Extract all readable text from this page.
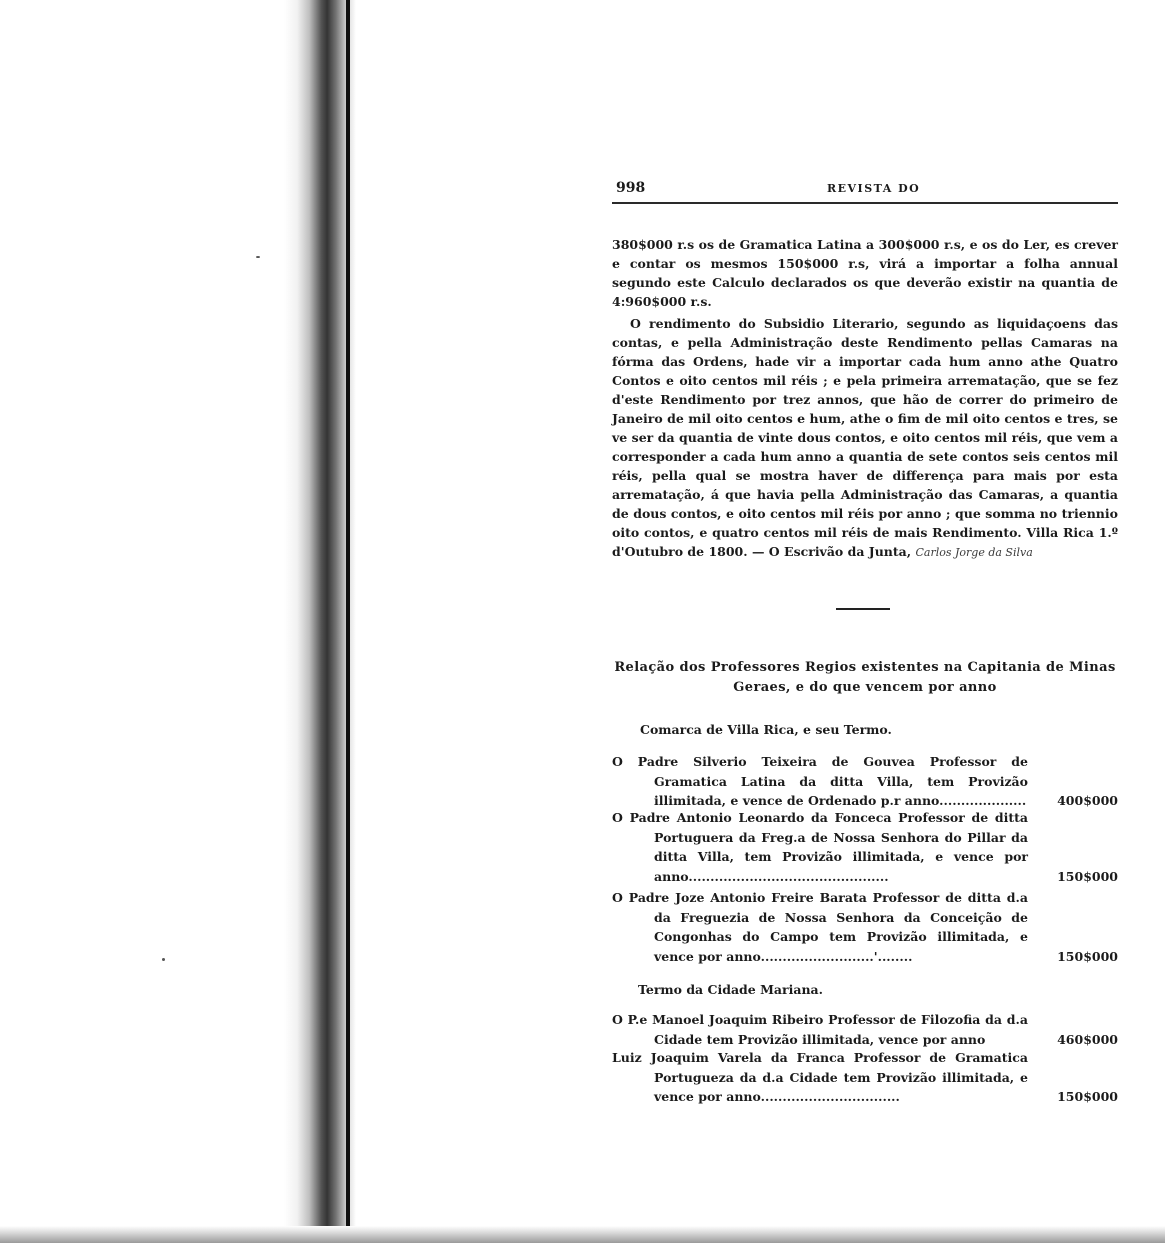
998	REVISTA DO

380$000 r.s os de Gramatica Latina a 300$000 r.s, e os do Ler, es crever e contar os mesmos 150$000 r.s, virá a importar a folha annual segundo este Calculo declarados os que deverão existir na quantia de 4:960$000 r.s.

O rendimento do Subsidio Literario, segundo as liquidaçoens das contas, e pella Administração deste Rendimento pellas Camaras na fórma das Ordens, hade vir a importar cada hum anno athe Quatro Contos e oito centos mil réis ; e pela primeira arrematação, que se fez d'este Rendimento por trez annos, que hão de correr do primeiro de Janeiro de mil oito centos e hum, athe o fim de mil oito centos e tres, se ve ser da quantia de vinte dous contos, e oito centos mil réis, que vem a corresponder a cada hum anno a quantia de sete contos seis centos mil réis, pella qual se mostra haver de differença para mais por esta arrematação, á que havia pella Administração das Camaras, a quantia de dous contos, e oito centos mil réis por anno ; que somma no triennio oito contos, e quatro centos mil réis de mais Rendimento. Villa Rica 1.º d'Outubro de 1800. — O Escrivão da Junta, Carlos Jorge da Silva

Relação dos Professores Regios existentes na Capitania de Minas Geraes, e do que vencem por anno
Comarca de Villa Rica, e seu Termo.
O Padre Silverio Teixeira de Gouvea Professor de Gramatica Latina da ditta Villa, tem Provizão illimitada, e vence de Ordenado p.r anno.................... 400$000
O Padre Antonio Leonardo da Fonceca Professor de ditta Portuguera da Freg.a de Nossa Senhora do Pillar da ditta Villa, tem Provizão illimitada, e vence por anno..............................................	150$000
O Padre Joze Antonio Freire Barata Professor de ditta d.a da Freguezia de Nossa Senhora da Conceição de Congonhas do Campo tem Provizão illimitada, e vence por anno..........................'........	150$000
Termo da Cidade Mariana.
O P.e Manoel Joaquim Ribeiro Professor de Filozofia da d.a Cidade tem Provizão illimitada, vence por anno	460$000
Luiz Joaquim Varela da Franca Professor de Gramatica Portugueza da d.a Cidade tem Provizão illimitada, e vence por anno................................	150$000
